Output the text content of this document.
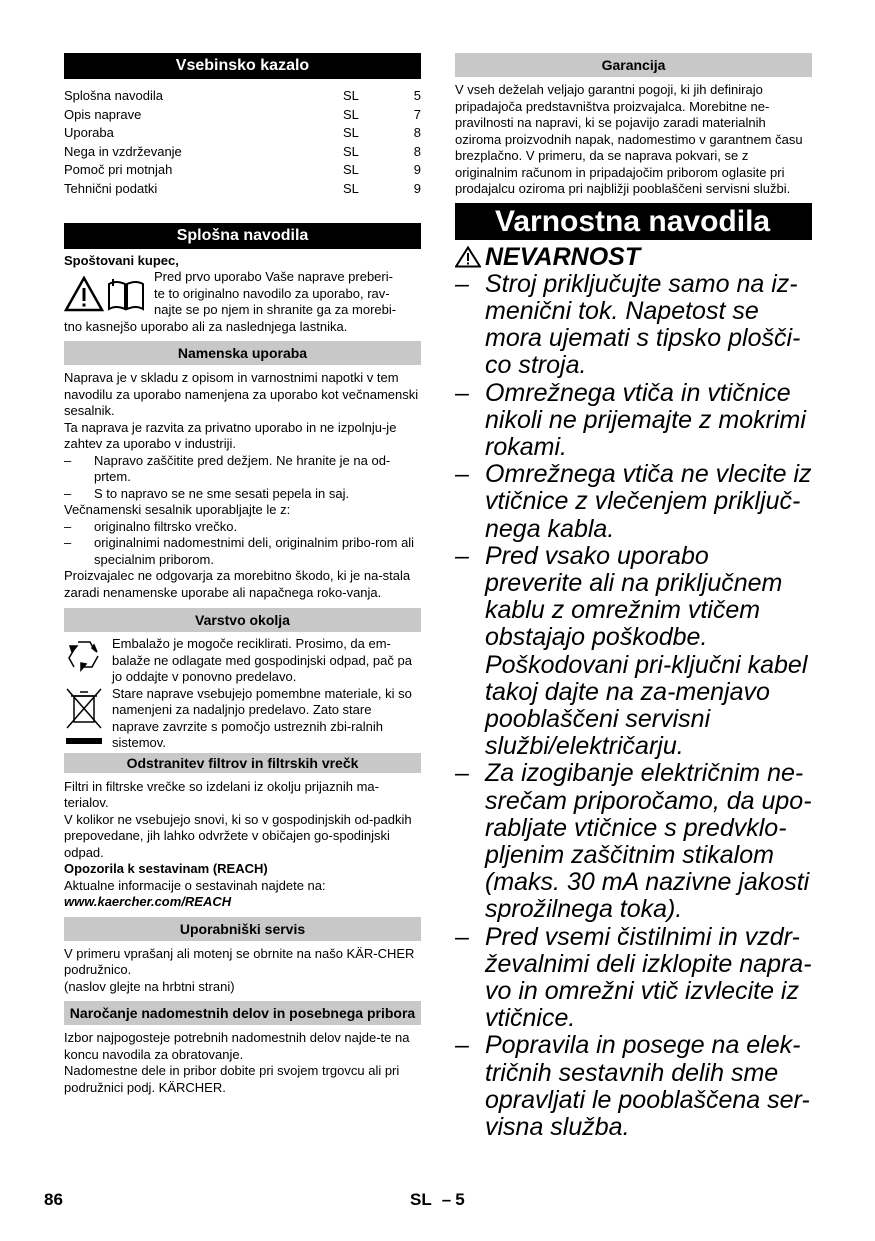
Vsebinsko kazalo
Splošna navodila	SL	5
Opis naprave	SL	7
Uporaba	SL	8
Nega in vzdrževanje	SL	8
Pomoč pri motnjah	SL	9
Tehnični podatki	SL	9
Splošna navodila

Spoštovani kupec,

Pred prvo uporabo Vaše naprave preberi-

te to originalno navodilo za uporabo, rav-

najte se po njem in shranite ga za morebi-

tno kasnejšo uporabo ali za naslednjega lastnika.

Namenska uporaba

Naprava je v skladu z opisom in varnostnimi napotki v tem navodilu za uporabo namenjena za uporabo kot večnamenski sesalnik.

Ta naprava je razvita za privatno uporabo in ne izpolnju-je zahtev za uporabo v industriji.

–	Napravo zaščitite pred dežjem. Ne hranite je na od-prtem.
–	S to napravo se ne sme sesati pepela in saj.

Večnamenski sesalnik uporabljajte le z:

–	originalno filtrsko vrečko.
–	originalnimi nadomestnimi deli, originalnim pribo-rom ali specialnim priborom.

Proizvajalec ne odgovarja za morebitno škodo, ki je na-stala zaradi nenamenske uporabe ali napačnega roko-vanja.

Varstvo okolja

Embalažo je mogoče reciklirati. Prosimo, da em-balaže ne odlagate med gospodinjski odpad, pač pa jo oddajte v ponovno predelavo.

Stare naprave vsebujejo pomembne materiale, ki so namenjeni za nadaljnjo predelavo. Zato stare naprave zavrzite s pomočjo ustreznih zbi-ralnih sistemov.

Odstranitev filtrov in filtrskih vrečk

Filtri in filtrske vrečke so izdelani iz okolju prijaznih ma-terialov.

V kolikor ne vsebujejo snovi, ki so v gospodinjskih od-padkih prepovedane, jih lahko odvržete v običajen go-spodinjski odpad.

Opozorila k sestavinam (REACH)

Aktualne informacije o sestavinah najdete na:

www.kaercher.com/REACH

Uporabniški servis

V primeru vprašanj ali motenj se obrnite na našo KÄR-CHER podružnico.

(naslov glejte na hrbtni strani)

Naročanje nadomestnih delov in posebnega pribora

Izbor najpogosteje potrebnih nadomestnih delov najde-te na koncu navodila za obratovanje.

Nadomestne dele in pribor dobite pri svojem trgovcu ali pri podružnici podj. KÄRCHER.

Garancija

V vseh deželah veljajo garantni pogoji, ki jih definirajo pripadajoča predstavništva proizvajalca. Morebitne ne-pravilnosti na napravi, ki se pojavijo zaradi materialnih oziroma proizvodnih napak, nadomestimo v garantnem času brezplačno. V primeru, da se naprava pokvari, se z originalnim računom in pripadajočim priborom oglasite pri prodajalcu oziroma pri najbližji pooblaščeni servisni službi.

Varnostna navodila
NEVARNOST
– Stroj priključujte samo na iz-menični tok. Napetost se mora ujemati s tipsko plošči-co stroja.
– Omrežnega vtiča in vtičnice nikoli ne prijemajte z mokrimi rokami.
– Omrežnega vtiča ne vlecite iz vtičnice z vlečenjem priključ-nega kabla.
– Pred vsako uporabo preverite ali na priključnem kablu z omrežnim vtičem obstajajo poškodbe. Poškodovani pri-ključni kabel takoj dajte na za-menjavo pooblaščeni servisni službi/električarju.
– Za izogibanje električnim ne-srečam priporočamo, da upo-rabljate vtičnice s predvklo-pljenim zaščitnim stikalom (maks. 30 mA nazivne jakosti sprožilnega toka).
– Pred vsemi čistilnimi in vzdr-ževalnimi deli izklopite napra-vo in omrežni vtič izvlecite iz vtičnice.
– Popravila in posege na elek-tričnih sestavnih delih sme opravljati le pooblaščena ser-visna služba.
86	SL – 5
